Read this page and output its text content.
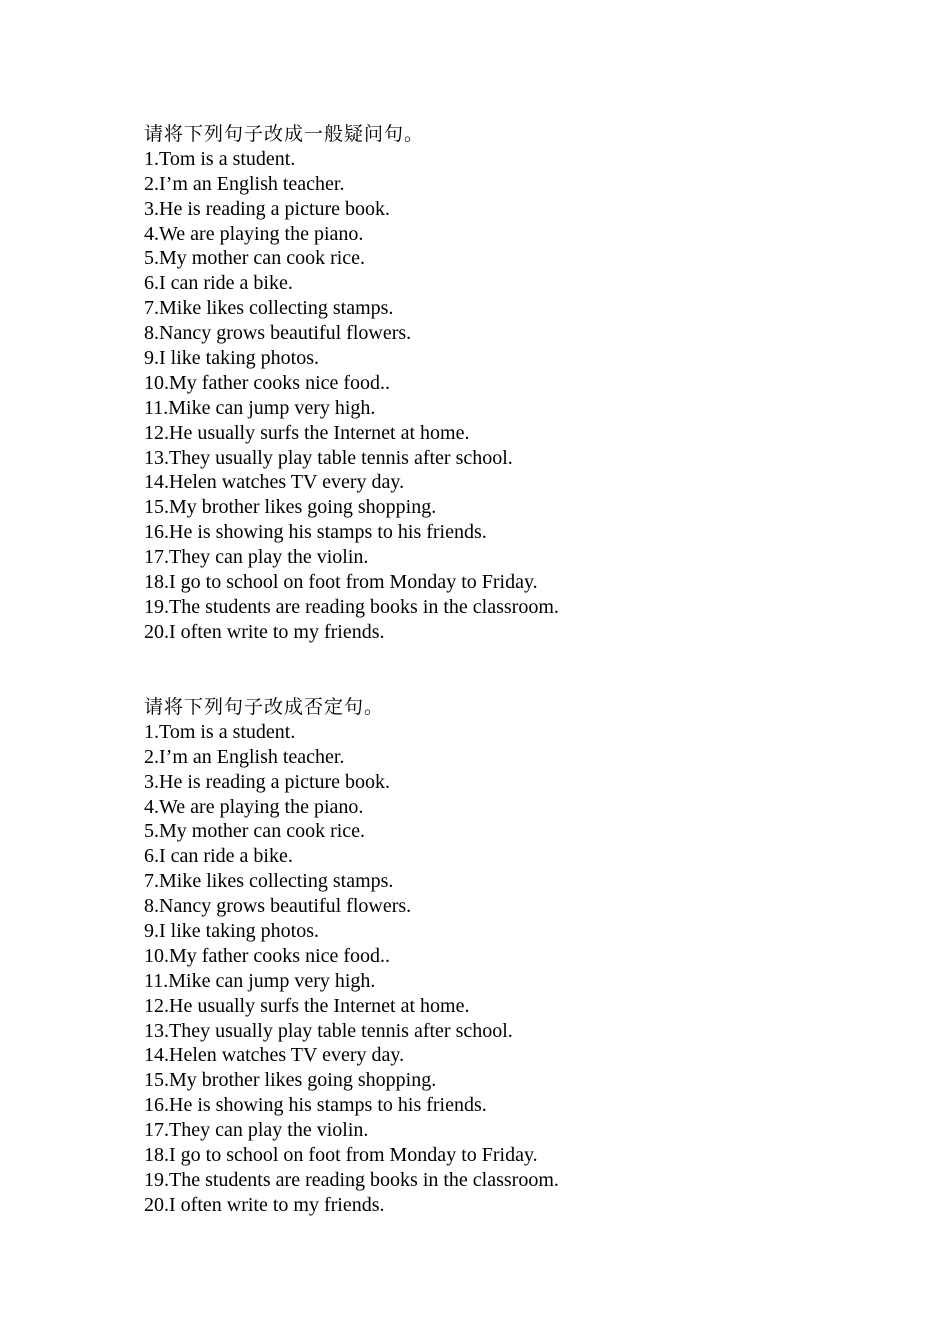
请将下列句子改成一般疑问句。
1.Tom is a student.
2.I’m an English teacher.
3.He is reading a picture book.
4.We are playing the piano.
5.My mother can cook rice.
6.I can ride a bike.
7.Mike likes collecting stamps.
8.Nancy grows beautiful flowers.
9.I like taking photos.
10.My father cooks nice food..
11.Mike can jump very high.
12.He usually surfs the Internet at home.
13.They usually play table tennis after school.
14.Helen watches TV every day.
15.My brother likes going shopping.
16.He is showing his stamps to his friends.
17.They can play the violin.
18.I go to school on foot from Monday to Friday.
19.The students are reading books in the classroom.
20.I often write to my friends.
请将下列句子改成否定句。
1.Tom is a student.
2.I’m an English teacher.
3.He is reading a picture book.
4.We are playing the piano.
5.My mother can cook rice.
6.I can ride a bike.
7.Mike likes collecting stamps.
8.Nancy grows beautiful flowers.
9.I like taking photos.
10.My father cooks nice food..
11.Mike can jump very high.
12.He usually surfs the Internet at home.
13.They usually play table tennis after school.
14.Helen watches TV every day.
15.My brother likes going shopping.
16.He is showing his stamps to his friends.
17.They can play the violin.
18.I go to school on foot from Monday to Friday.
19.The students are reading books in the classroom.
20.I often write to my friends.
